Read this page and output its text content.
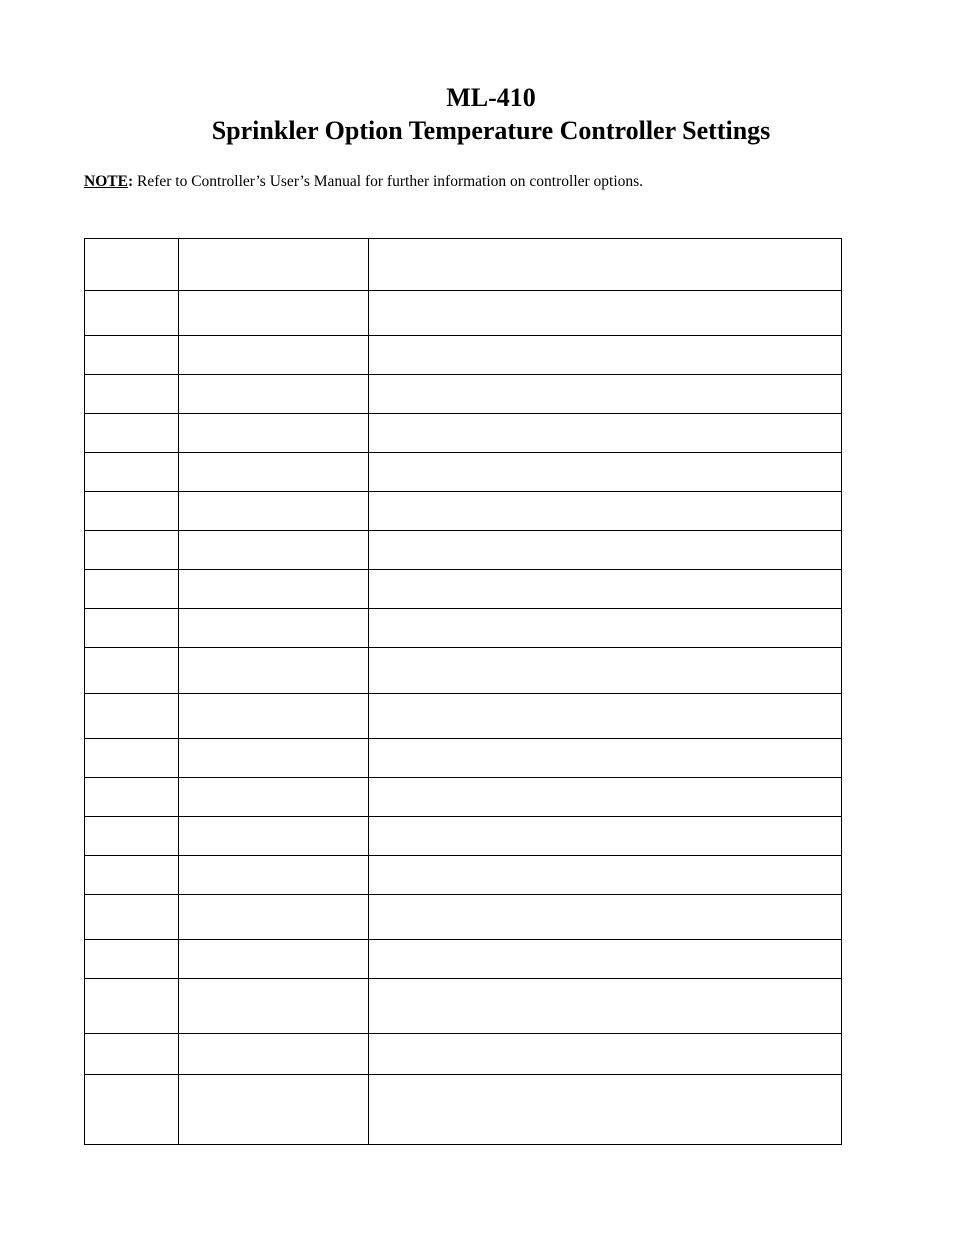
ML-410
Sprinkler Option Temperature Controller Settings
NOTE: Refer to Controller’s User’s Manual for further information on controller options.
